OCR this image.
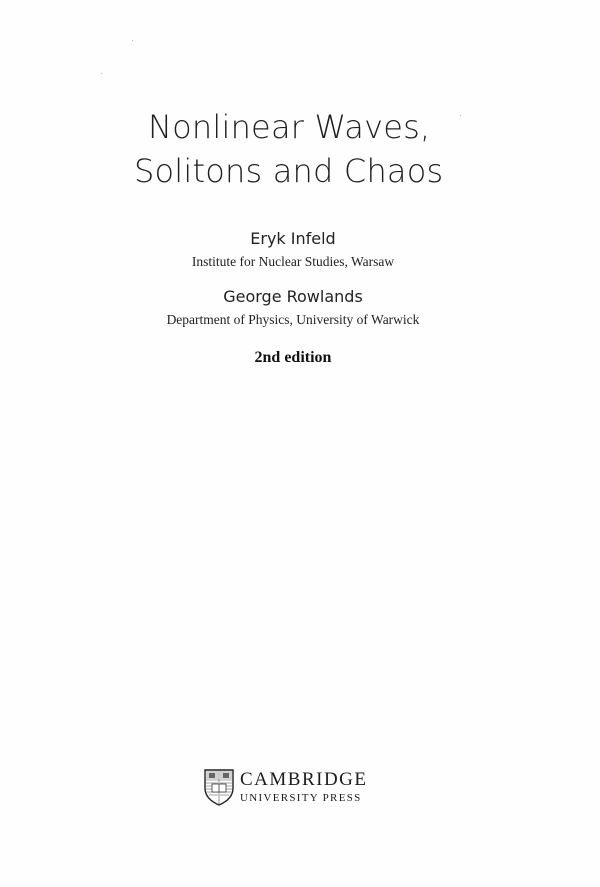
Nonlinear Waves,
Solitons and Chaos
Eryk Infeld
Institute for Nuclear Studies, Warsaw
George Rowlands
Department of Physics, University of Warwick
2nd edition
CAMBRIDGE
UNIVERSITY PRESS
